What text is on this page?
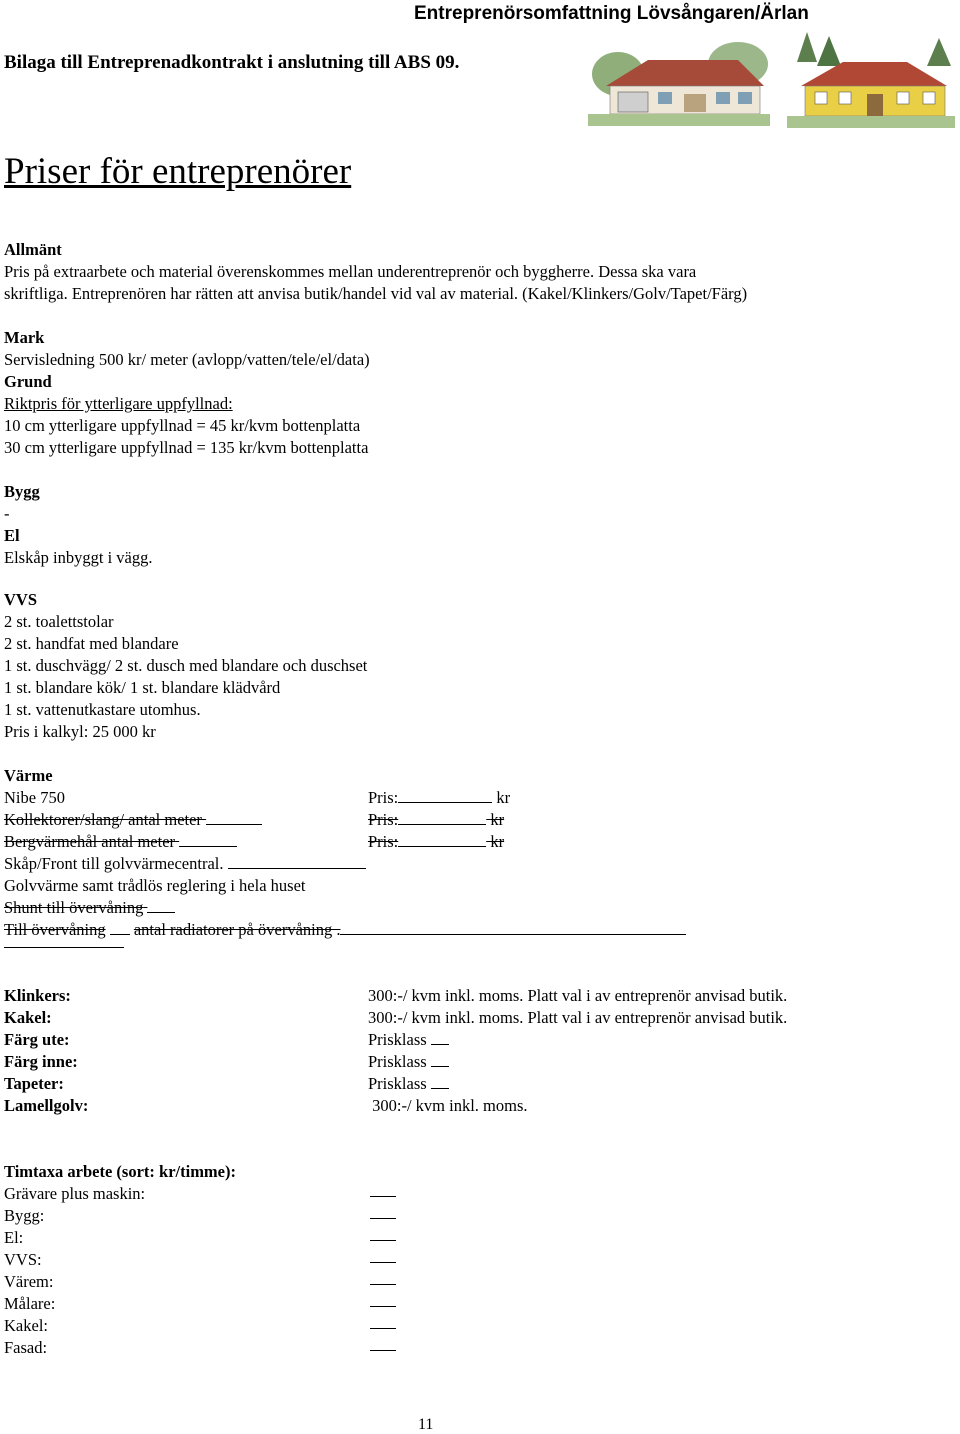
Entreprenörsomfattning Lövsångaren/Ärlan
Bilaga till Entreprenadkontrakt i anslutning till ABS 09.
Priser för entreprenörer
Allmänt
Pris på extraarbete och material överenskommes mellan underentreprenör och byggherre. Dessa ska vara
skriftliga. Entreprenören har rätten att anvisa butik/handel vid val av material. (Kakel/Klinkers/Golv/Tapet/Färg)
Mark
Servisledning 500 kr/ meter (avlopp/vatten/tele/el/data)
Grund
Riktpris för ytterligare uppfyllnad:
10 cm ytterligare uppfyllnad = 45 kr/kvm bottenplatta
30 cm ytterligare uppfyllnad = 135 kr/kvm bottenplatta
Bygg
-
El
Elskåp inbyggt i vägg.
VVS
2 st. toalettstolar
2 st. handfat med blandare
1 st. duschvägg/ 2 st. dusch med blandare och duschset
1 st. blandare kök/ 1 st. blandare klädvård
1 st. vattenutkastare utomhus.
Pris i kalkyl: 25 000 kr
Värme
Nibe 750	Pris:	kr
Kollektorer/slang/ antal meter	Pris:	kr
Bergvärmehål antal meter	Pris:	kr
Skåp/Front till golvvärmecentral.
Golvvärme samt trådlös reglering i hela huset
Shunt till övervåning
Till övervåning antal radiatorer på övervåning .
Klinkers:	300:-/ kvm inkl. moms. Platt val i av entreprenör anvisad butik.
Kakel:	300:-/ kvm inkl. moms. Platt val i av entreprenör anvisad butik.
Färg ute:	Prisklass
Färg inne:	Prisklass
Tapeter:	Prisklass
Lamellgolv:	300:-/ kvm inkl. moms.
Timtaxa arbete (sort: kr/timme):
Grävare plus maskin:
Bygg:
El:
VVS:
Värem:
Målare:
Kakel:
Fasad:
11
